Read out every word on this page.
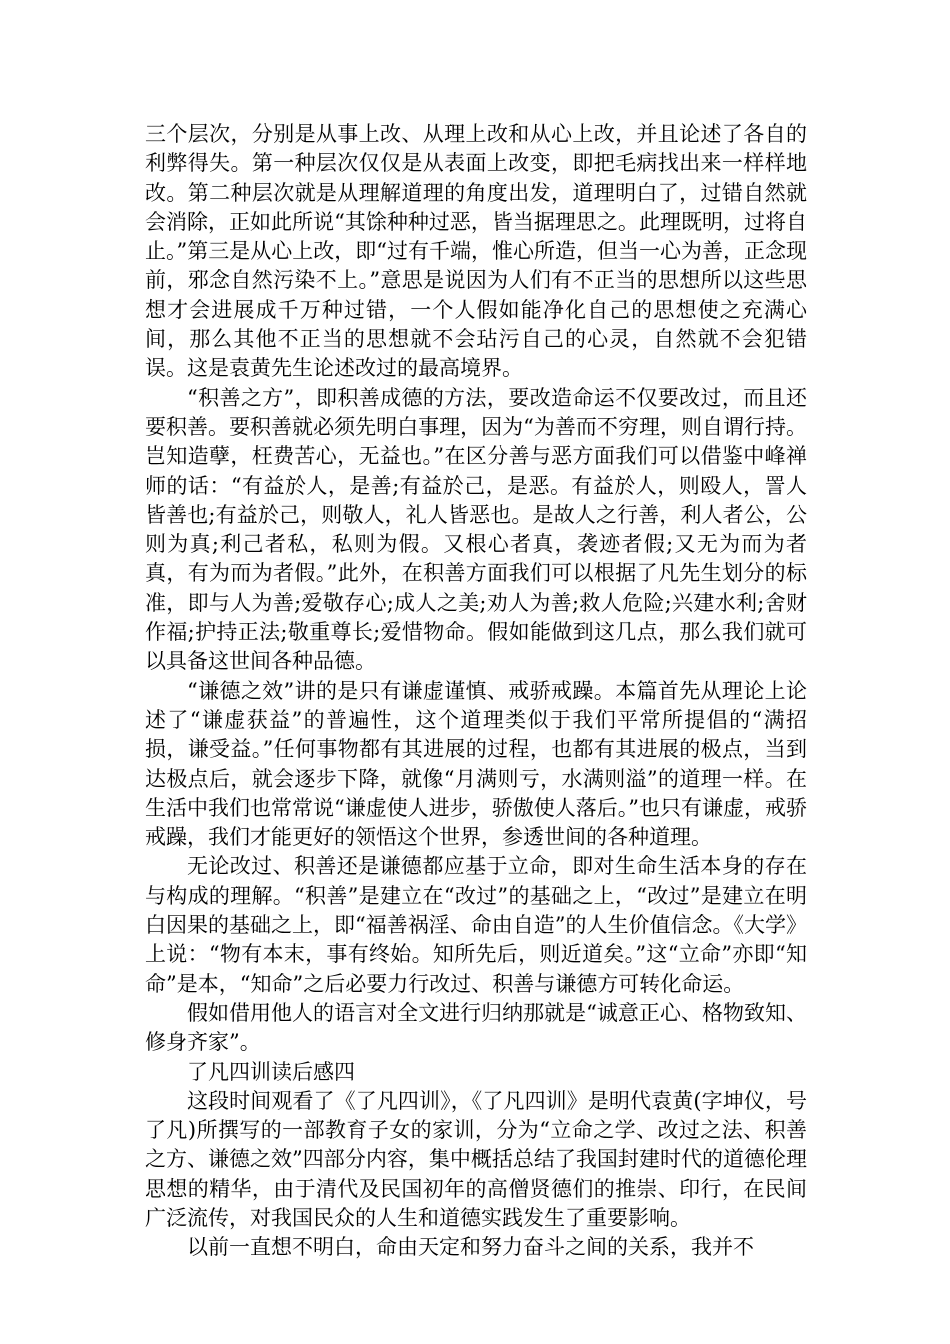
三个层次，分别是从事上改、从理上改和从心上改，并且论述了各自的利弊得失。第一种层次仅仅是从表面上改变，即把毛病找出来一样样地改。第二种层次就是从理解道理的角度出发，道理明白了，过错自然就会消除，正如此所说“其馀种种过恶，皆当据理思之。此理既明，过将自止。”第三是从心上改，即“过有千端，惟心所造，但当一心为善，正念现前，邪念自然污染不上。”意思是说因为人们有不正当的思想所以这些思想才会进展成千万种过错，一个人假如能净化自己的思想使之充满心间，那么其他不正当的思想就不会玷污自己的心灵，自然就不会犯错误。这是袁黄先生论述改过的最高境界。

“积善之方”，即积善成德的方法，要改造命运不仅要改过，而且还要积善。要积善就必须先明白事理，因为“为善而不穷理，则自谓行持。岂知造孽，枉费苦心，无益也。”在区分善与恶方面我们可以借鉴中峰禅师的话：“有益於人，是善;有益於己，是恶。有益於人，则殴人，詈人皆善也;有益於己，则敬人，礼人皆恶也。是故人之行善，利人者公，公则为真;利己者私，私则为假。又根心者真，袭迹者假;又无为而为者真，有为而为者假。”此外，在积善方面我们可以根据了凡先生划分的标准，即与人为善;爱敬存心;成人之美;劝人为善;救人危险;兴建水利;舍财作福;护持正法;敬重尊长;爱惜物命。假如能做到这几点，那么我们就可以具备这世间各种品德。

“谦德之效”讲的是只有谦虚谨慎、戒骄戒躁。本篇首先从理论上论述了“谦虚获益”的普遍性，这个道理类似于我们平常所提倡的“满招损，谦受益。”任何事物都有其进展的过程，也都有其进展的极点，当到达极点后，就会逐步下降，就像“月满则亏，水满则溢”的道理一样。在生活中我们也常常说“谦虚使人进步，骄傲使人落后。”也只有谦虚，戒骄戒躁，我们才能更好的领悟这个世界，参透世间的各种道理。

无论改过、积善还是谦德都应基于立命，即对生命生活本身的存在与构成的理解。“积善”是建立在“改过”的基础之上，“改过”是建立在明白因果的基础之上，即“福善祸淫、命由自造”的人生价值信念。《大学》上说：“物有本末，事有终始。知所先后，则近道矣。”这“立命”亦即“知命”是本，“知命”之后必要力行改过、积善与谦德方可转化命运。

假如借用他人的语言对全文进行归纳那就是“诚意正心、格物致知、修身齐家”。

了凡四训读后感四

这段时间观看了《了凡四训》，《了凡四训》是明代袁黄(字坤仪，号了凡)所撰写的一部教育子女的家训，分为“立命之学、改过之法、积善之方、谦德之效”四部分内容，集中概括总结了我国封建时代的道德伦理思想的精华，由于清代及民国初年的高僧贤德们的推崇、印行，在民间广泛流传，对我国民众的人生和道德实践发生了重要影响。

以前一直想不明白，命由天定和努力奋斗之间的关系，我并不
